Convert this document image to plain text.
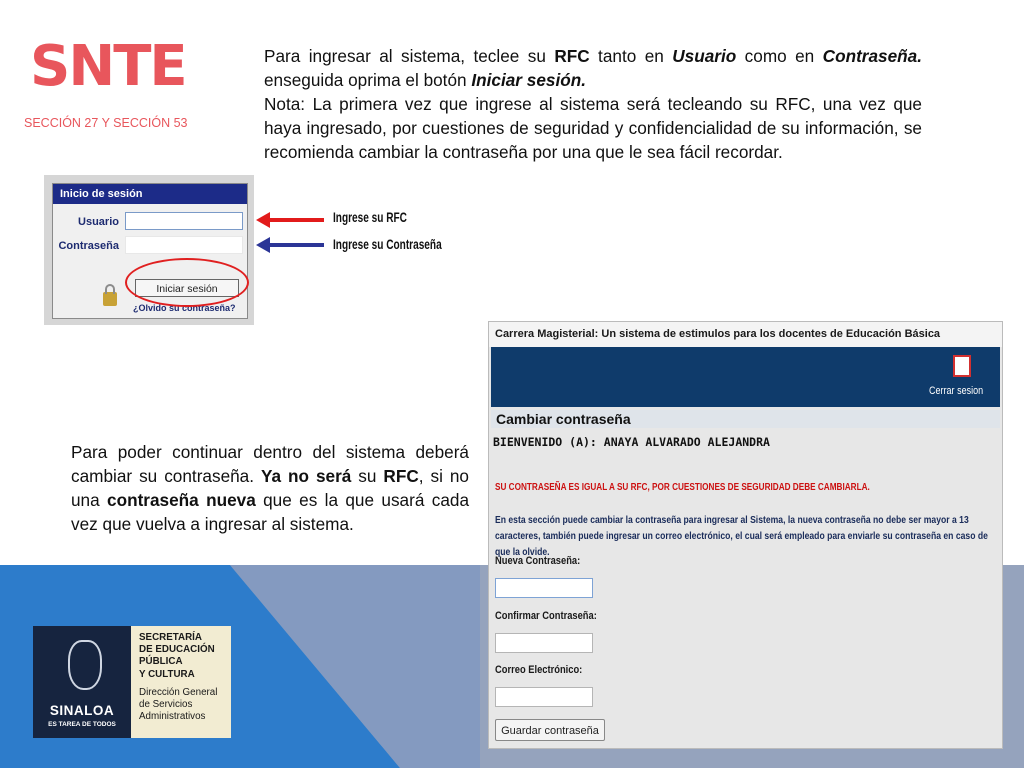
SNTE
SECCIÓN 27 Y SECCIÓN 53

Para ingresar al sistema, teclee su RFC tanto en Usuario como en Contraseña. enseguida oprima el botón Iniciar sesión.

Nota: La primera vez que ingrese al sistema será tecleando su RFC, una vez que haya ingresado, por cuestiones de seguridad y confidencialidad de su información, se recomienda cambiar la contraseña por una que le sea fácil recordar.

Inicio de sesión
Usuario
Contraseña
Iniciar sesión
¿Olvido su contraseña?
Ingrese su RFC
Ingrese su Contraseña
Para poder continuar dentro del sistema deberá cambiar su contraseña. Ya no será su RFC, si no una contraseña nueva que es la que usará cada vez que vuelva a ingresar al sistema.
SINALOA
ES TAREA DE TODOS
SECRETARÍA
DE EDUCACIÓN
PÚBLICA
Y CULTURA
Dirección General
de Servicios
Administrativos
Carrera Magisterial: Un sistema de estimulos para los docentes de Educación Básica
Cerrar sesion
Cambiar contraseña
BIENVENIDO (A): ANAYA ALVARADO ALEJANDRA
SU CONTRASEÑA ES IGUAL A SU RFC, POR CUESTIONES DE SEGURIDAD DEBE CAMBIARLA.
En esta sección puede cambiar la contraseña para ingresar al Sistema, la nueva contraseña no debe ser mayor a 13 caracteres, también puede ingresar un correo electrónico, el cual será empleado para enviarle su contraseña en caso de que la olvide.
Nueva Contraseña:
Confirmar Contraseña:
Correo Electrónico:
Guardar contraseña
